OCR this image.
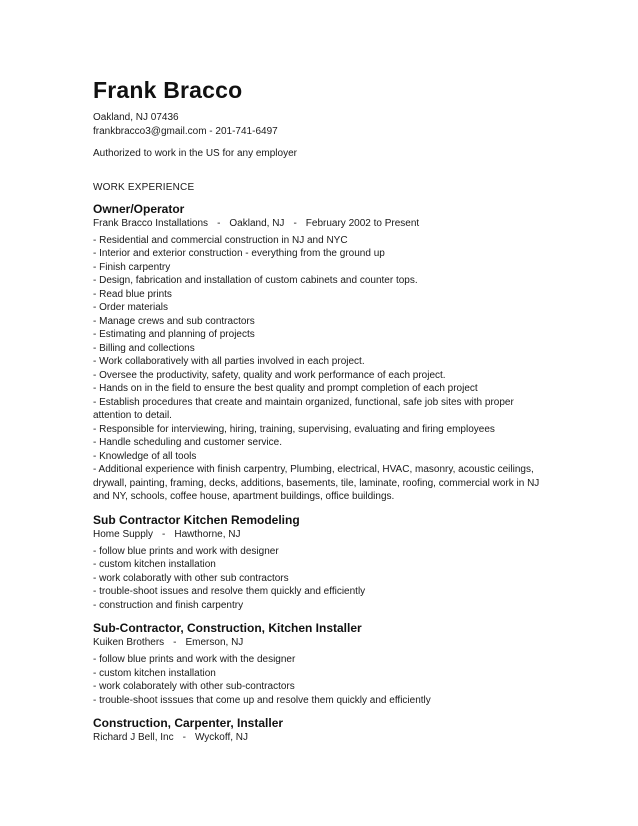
Frank Bracco
Oakland, NJ 07436
frankbracco3@gmail.com - 201-741-6497
Authorized to work in the US for any employer
WORK EXPERIENCE
Owner/Operator
Frank Bracco Installations - Oakland, NJ - February 2002 to Present
- Residential and commercial construction in NJ and NYC
- Interior and exterior construction - everything from the ground up
- Finish carpentry
- Design, fabrication and installation of custom cabinets and counter tops.
- Read blue prints
- Order materials
- Manage crews and sub contractors
- Estimating and planning of projects
- Billing and collections
- Work collaboratively with all parties involved in each project.
- Oversee the productivity, safety, quality and work performance of each project.
- Hands on in the field to ensure the best quality and prompt completion of each project
- Establish procedures that create and maintain organized, functional, safe job sites with proper attention to detail.
- Responsible for interviewing, hiring, training, supervising, evaluating and firing employees
- Handle scheduling and customer service.
- Knowledge of all tools
- Additional experience with finish carpentry, Plumbing, electrical, HVAC, masonry, acoustic ceilings, drywall, painting, framing, decks, additions, basements, tile, laminate, roofing, commercial work in NJ and NY, schools, coffee house, apartment buildings, office buildings.
Sub Contractor Kitchen Remodeling
Home Supply - Hawthorne, NJ
- follow blue prints and work with designer
- custom kitchen installation
- work colaboratly with other sub contractors
- trouble-shoot issues and resolve them quickly and efficiently
- construction and finish carpentry
Sub-Contractor, Construction, Kitchen Installer
Kuiken Brothers - Emerson, NJ
- follow blue prints and work with the designer
- custom kitchen installation
- work colaborately with other sub-contractors
- trouble-shoot isssues that come up and resolve them quickly and efficiently
Construction, Carpenter, Installer
Richard J Bell, Inc - Wyckoff, NJ
